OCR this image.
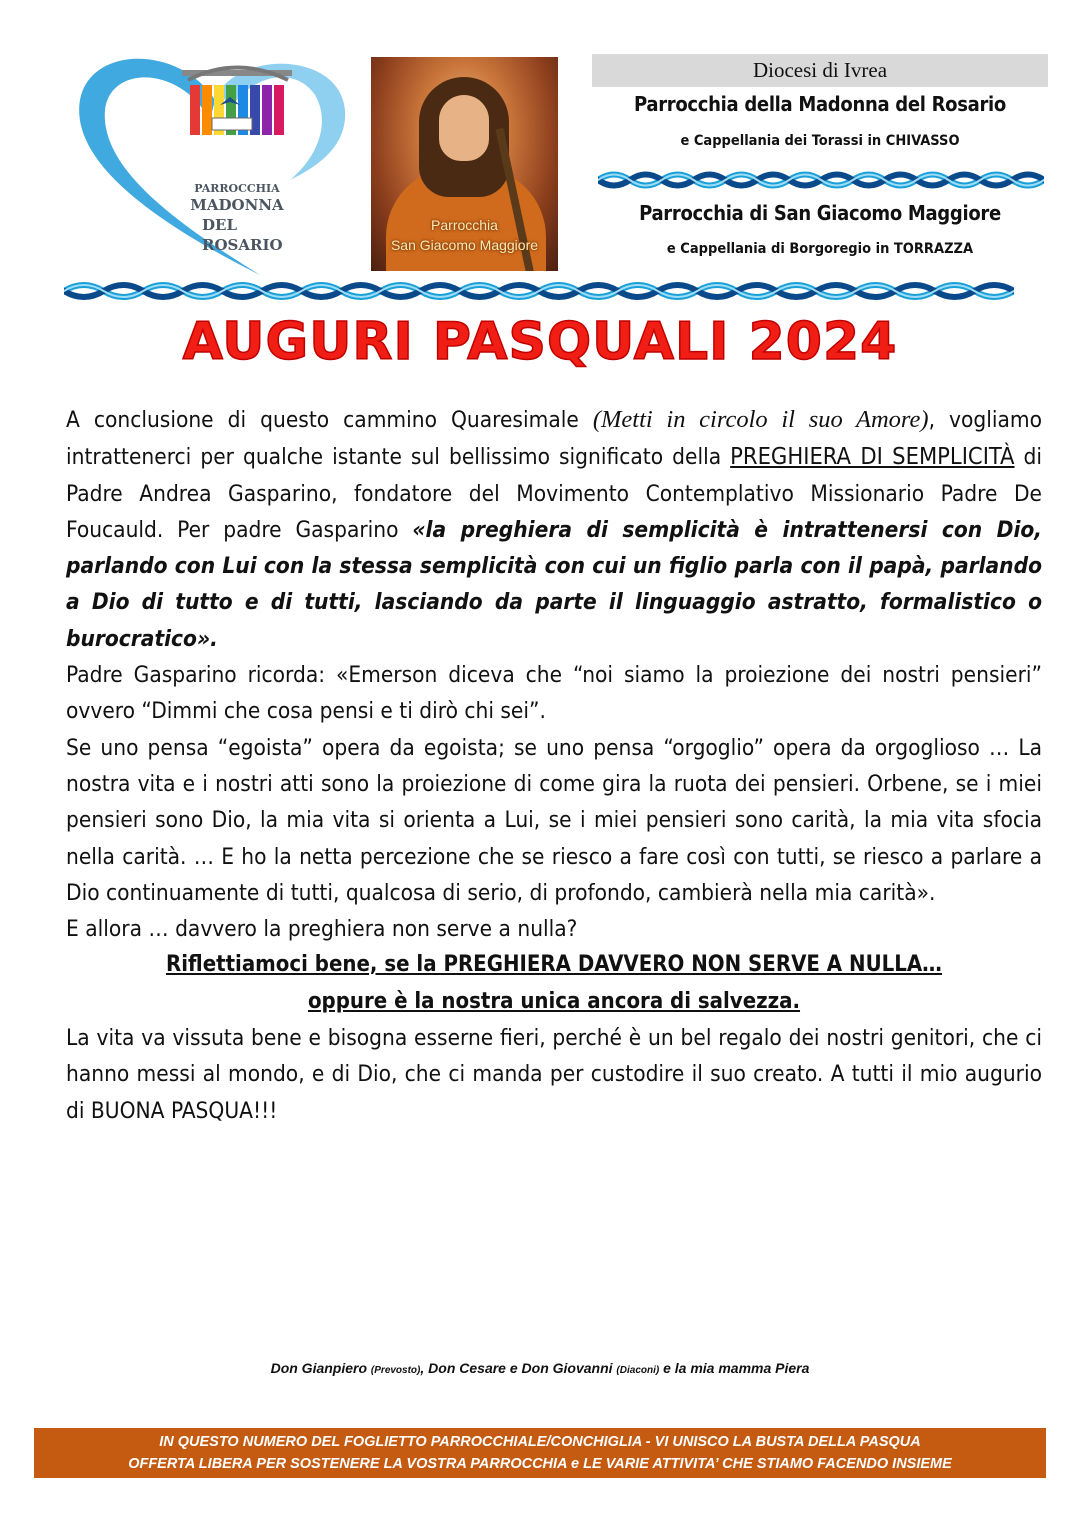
PARROCCHIA
MADONNA
DEL
ROSARIO
Parrocchia
San Giacomo Maggiore
Diocesi di Ivrea
Parrocchia della Madonna del Rosario
e Cappellania dei Torassi in CHIVASSO
Parrocchia di San Giacomo Maggiore
e Cappellania di Borgoregio in TORRAZZA
AUGURI PASQUALI 2024

A conclusione di questo cammino Quaresimale (Metti in circolo il suo Amore), vogliamo intrattenerci per qualche istante sul bellissimo significato della PREGHIERA DI SEMPLICITÀ di Padre Andrea Gasparino, fondatore del Movimento Contemplativo Missionario Padre De Foucauld. Per padre Gasparino «la preghiera di semplicità è intrattenersi con Dio, parlando con Lui con la stessa semplicità con cui un figlio parla con il papà, parlando a Dio di tutto e di tutti, lasciando da parte il linguaggio astratto, formalistico o burocratico».

Padre Gasparino ricorda: «Emerson diceva che “noi siamo la proiezione dei nostri pensieri” ovvero “Dimmi che cosa pensi e ti dirò chi sei”.

Se uno pensa “egoista” opera da egoista; se uno pensa “orgoglio” opera da orgoglioso … La nostra vita e i nostri atti sono la proiezione di come gira la ruota dei pensieri. Orbene, se i miei pensieri sono Dio, la mia vita si orienta a Lui, se i miei pensieri sono carità, la mia vita sfocia nella carità. … E ho la netta percezione che se riesco a fare così con tutti, se riesco a parlare a Dio continuamente di tutti, qualcosa di serio, di profondo, cambierà nella mia carità».

E allora … davvero la preghiera non serve a nulla?

Riflettiamoci bene, se la PREGHIERA DAVVERO NON SERVE A NULLA…

oppure è la nostra unica ancora di salvezza.

La vita va vissuta bene e bisogna esserne fieri, perché è un bel regalo dei nostri genitori, che ci hanno messi al mondo, e di Dio, che ci manda per custodire il suo creato. A tutti il mio augurio di BUONA PASQUA!!!

Don Gianpiero (Prevosto), Don Cesare e Don Giovanni (Diaconi) e la mia mamma Piera
IN QUESTO NUMERO DEL FOGLIETTO PARROCCHIALE/CONCHIGLIA - VI UNISCO LA BUSTA DELLA PASQUA
OFFERTA LIBERA PER SOSTENERE LA VOSTRA PARROCCHIA e LE VARIE ATTIVITA’ CHE STIAMO FACENDO INSIEME
